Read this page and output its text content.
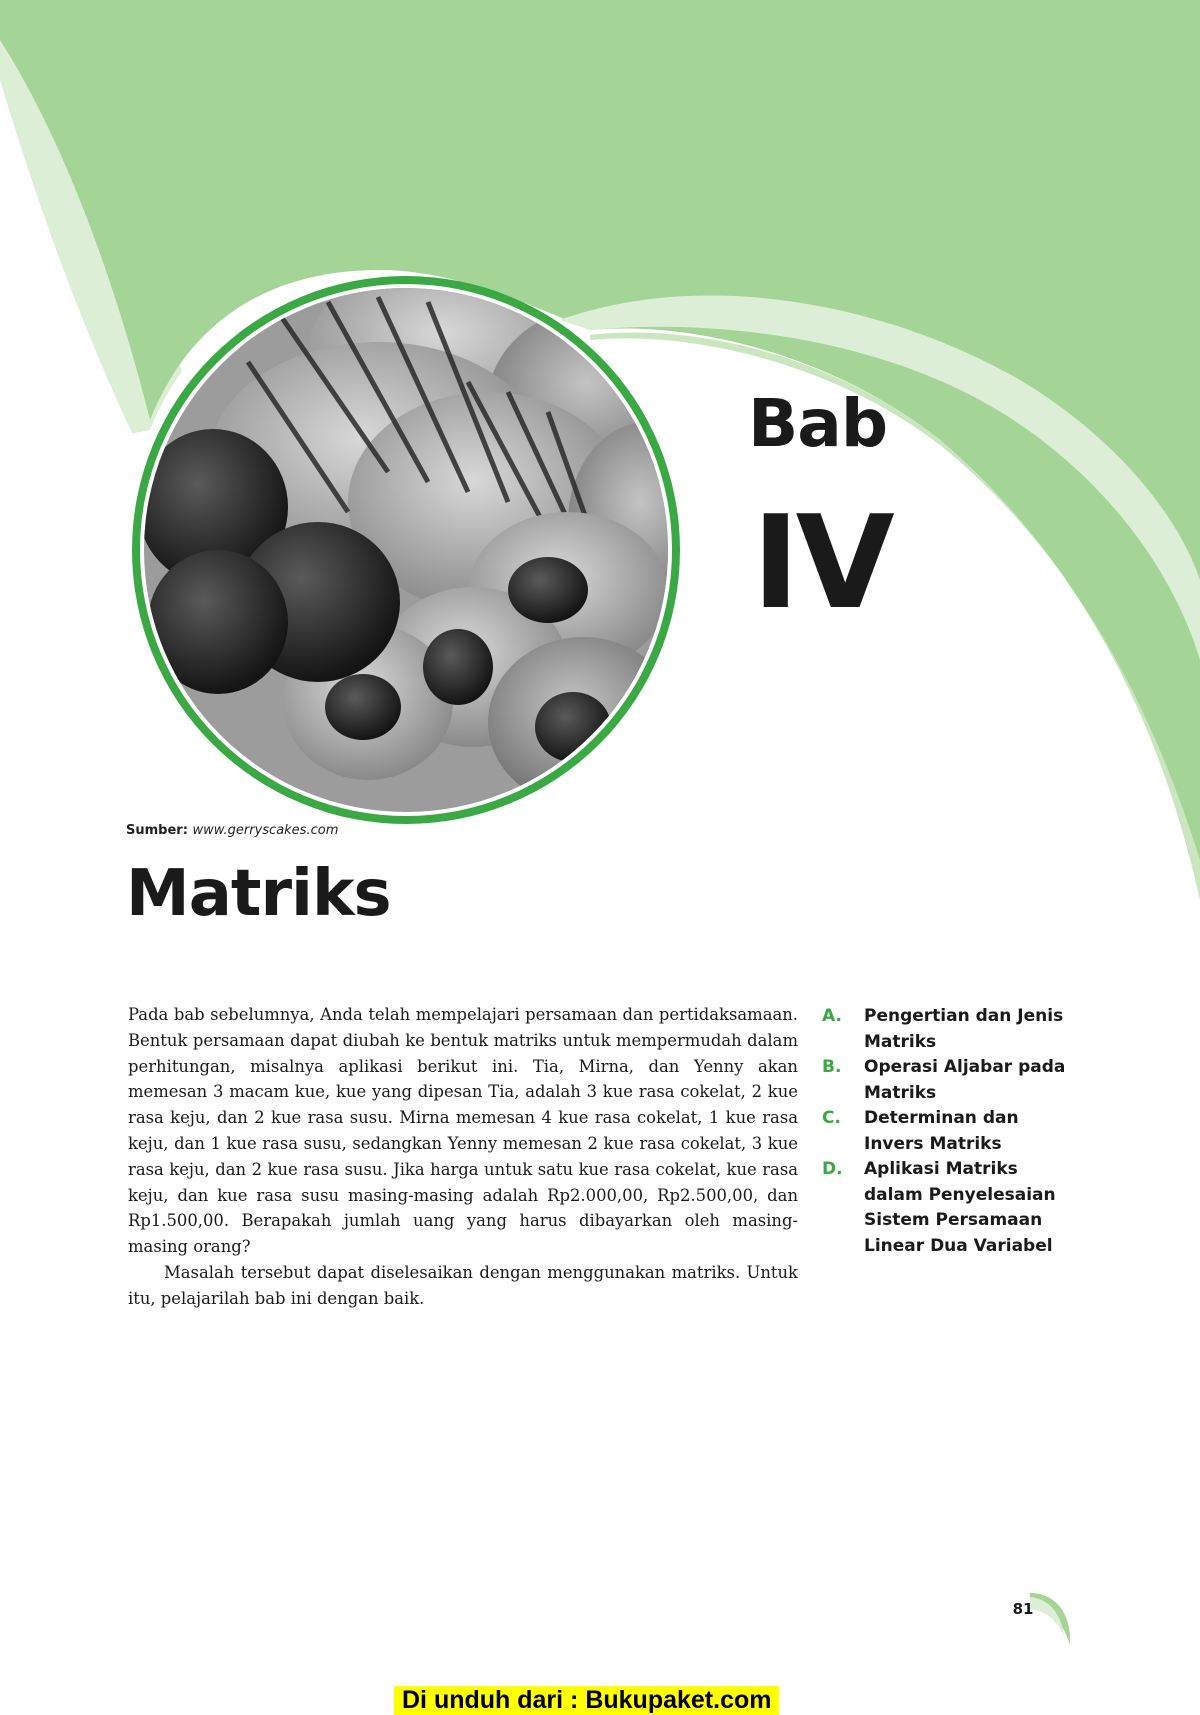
Sumber: www.gerryscakes.com
Bab
IV
Matriks

Pada bab sebelumnya, Anda telah mempelajari persamaan dan pertidaksamaan. Bentuk persamaan dapat diubah ke bentuk matriks untuk mempermudah dalam perhitungan, misalnya aplikasi berikut ini. Tia, Mirna, dan Yenny akan memesan 3 macam kue, kue yang dipesan Tia, adalah 3 kue rasa cokelat, 2 kue rasa keju, dan 2 kue rasa susu. Mirna memesan 4 kue rasa cokelat, 1 kue rasa keju, dan 1 kue rasa susu, sedangkan Yenny memesan 2 kue rasa cokelat, 3 kue rasa keju, dan 2 kue rasa susu. Jika harga untuk satu kue rasa cokelat, kue rasa keju, dan kue rasa susu masing-masing adalah Rp2.000,00, Rp2.500,00, dan Rp1.500,00. Berapakah jumlah uang yang harus dibayarkan oleh masing-masing orang?

Masalah tersebut dapat diselesaikan dengan menggunakan matriks. Untuk itu, pelajarilah bab ini dengan baik.

A.	Pengertian dan Jenis Matriks
B.	Operasi Aljabar pada Matriks
C.	Determinan dan Invers Matriks
D.	Aplikasi Matriks dalam Penyelesaian Sistem Persamaan Linear Dua Variabel
81
Di unduh dari : Bukupaket.com
